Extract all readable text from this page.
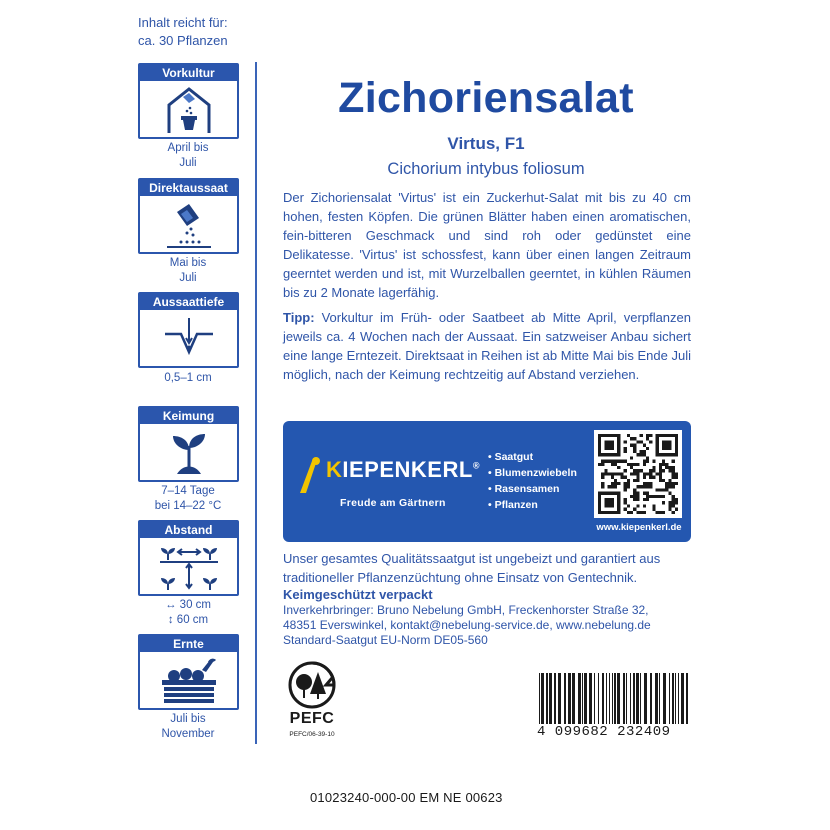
Inhalt reicht für:
ca. 30 Pflanzen
Vorkultur
April bis
Juli
Direktaussaat
Mai bis
Juli
Aussaattiefe
0,5–1 cm
Keimung
7–14 Tage
bei 14–22 °C
Abstand
↔ 30 cm
↕ 60 cm
Ernte
Juli bis
November
Zichoriensalat
Virtus, F1
Cichorium intybus foliosum
Der Zichoriensalat 'Virtus' ist ein Zuckerhut-Salat mit bis zu 40 cm hohen, festen Köpfen. Die grünen Blätter haben einen aromatischen, fein-bitteren Geschmack und sind roh oder gedünstet eine Delikatesse. 'Virtus' ist schossfest, kann über einen langen Zeitraum geerntet werden und ist, mit Wurzelballen geerntet, in kühlen Räumen bis zu 2 Monate lagerfähig.
Tipp: Vorkultur im Früh- oder Saatbeet ab Mitte April, verpflanzen jeweils ca. 4 Wochen nach der Aussaat. Ein satzweiser Anbau sichert eine lange Erntezeit. Direktsaat in Reihen ist ab Mitte Mai bis Ende Juli möglich, nach der Keimung rechtzeitig auf Abstand verziehen.
KIEPENKERL®
Freude am Gärtnern
• Saatgut
• Blumenzwiebeln
• Rasensamen
• Pflanzen
www.kiepenkerl.de
Unser gesamtes Qualitätssaatgut ist ungebeizt und garantiert aus traditioneller Pflanzenzüchtung ohne Einsatz von Gentechnik.
Keimgeschützt verpackt
Inverkehrbringer: Bruno Nebelung GmbH, Freckenhorster Straße 32,
48351 Everswinkel, kontakt@nebelung-service.de, www.nebelung.de
Standard-Saatgut EU-Norm DE05-560
PEFC
PEFC/06-39-10	4 099682 232409
01023240-000-00 EM NE 00623
